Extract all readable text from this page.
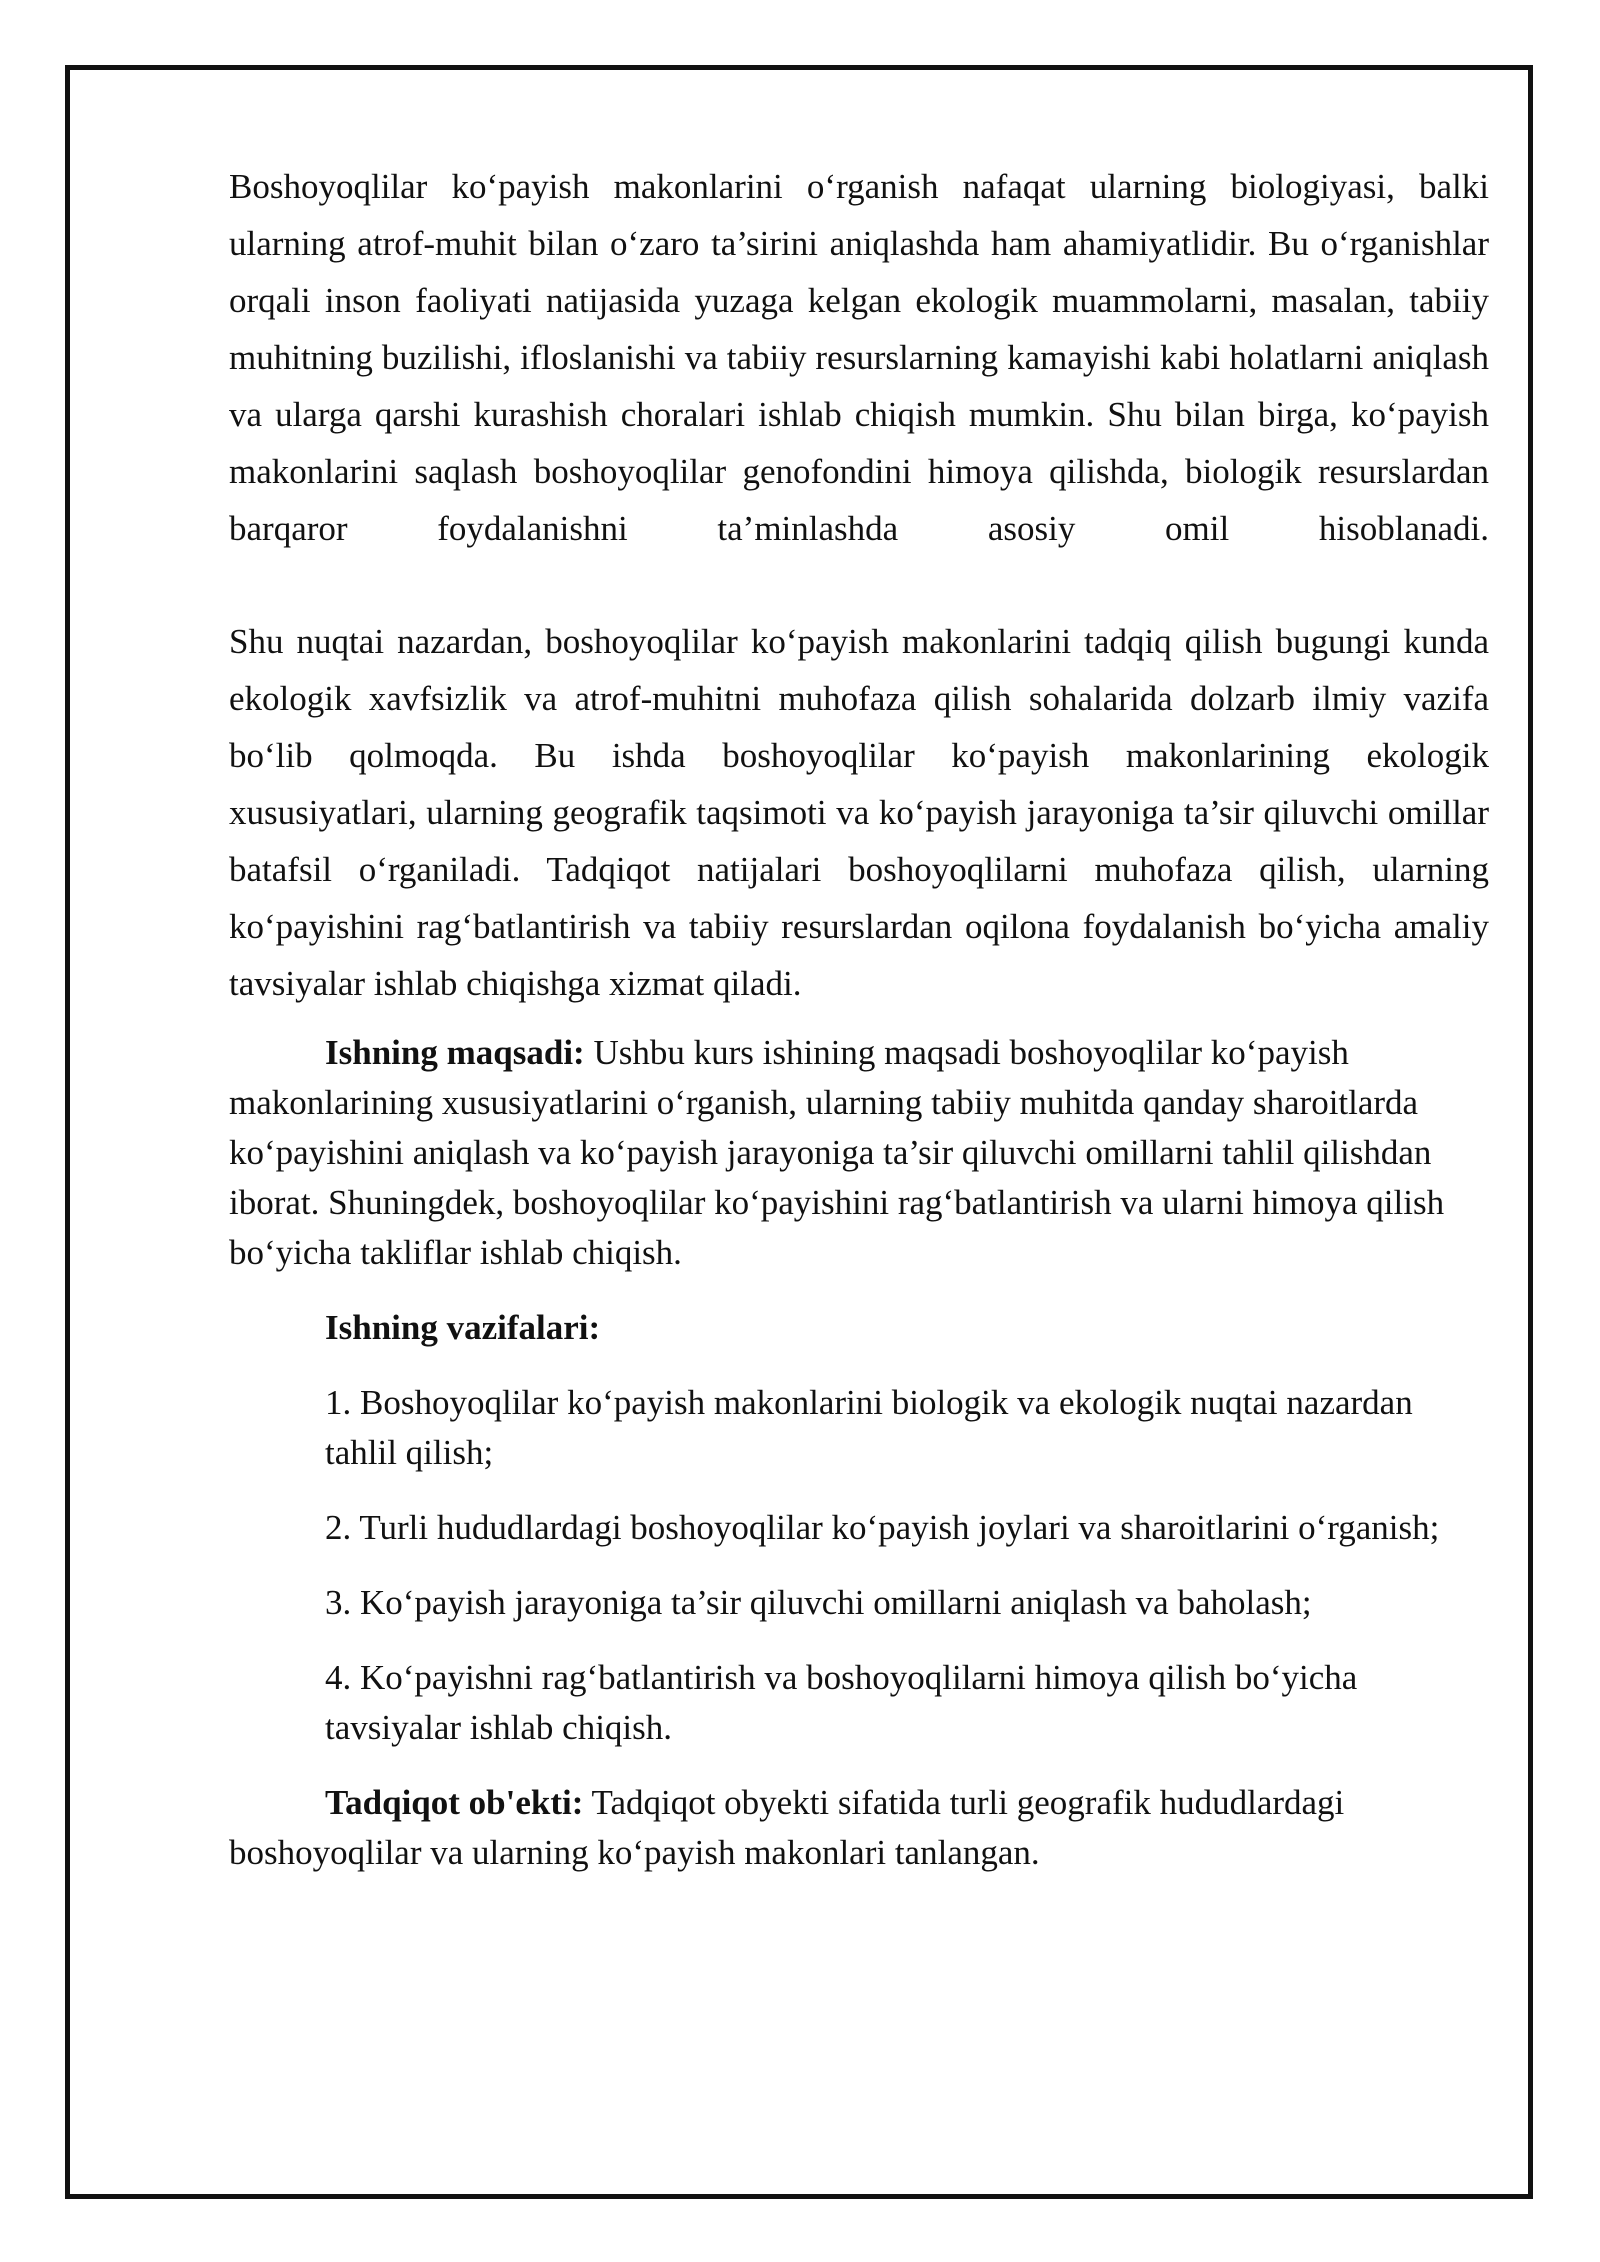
Boshoyoqlilar ko‘payish makonlarini o‘rganish nafaqat ularning biologiyasi, balki ularning atrof-muhit bilan o‘zaro ta’sirini aniqlashda ham ahamiyatlidir. Bu o‘rganishlar orqali inson faoliyati natijasida yuzaga kelgan ekologik muammolarni, masalan, tabiiy muhitning buzilishi, ifloslanishi va tabiiy resurslarning kamayishi kabi holatlarni aniqlash va ularga qarshi kurashish choralari ishlab chiqish mumkin. Shu bilan birga, ko‘payish makonlarini saqlash boshoyoqlilar genofondini himoya qilishda, biologik resurslardan barqaror foydalanishni ta’minlashda asosiy omil hisoblanadi.

Shu nuqtai nazardan, boshoyoqlilar ko‘payish makonlarini tadqiq qilish bugungi kunda ekologik xavfsizlik va atrof-muhitni muhofaza qilish sohalarida dolzarb ilmiy vazifa bo‘lib qolmoqda. Bu ishda boshoyoqlilar ko‘payish makonlarining ekologik xususiyatlari, ularning geografik taqsimoti va ko‘payish jarayoniga ta’sir qiluvchi omillar batafsil o‘rganiladi. Tadqiqot natijalari boshoyoqlilarni muhofaza qilish, ularning ko‘payishini rag‘batlantirish va tabiiy resurslardan oqilona foydalanish bo‘yicha amaliy tavsiyalar ishlab chiqishga xizmat qiladi.

Ishning maqsadi: Ushbu kurs ishining maqsadi boshoyoqlilar ko‘payish makonlarining xususiyatlarini o‘rganish, ularning tabiiy muhitda qanday sharoitlarda ko‘payishini aniqlash va ko‘payish jarayoniga ta’sir qiluvchi omillarni tahlil qilishdan iborat. Shuningdek, boshoyoqlilar ko‘payishini rag‘batlantirish va ularni himoya qilish bo‘yicha takliflar ishlab chiqish.

Ishning vazifalari:

1. Boshoyoqlilar ko‘payish makonlarini biologik va ekologik nuqtai nazardan tahlil qilish;

2. Turli hududlardagi boshoyoqlilar ko‘payish joylari va sharoitlarini o‘rganish;

3. Ko‘payish jarayoniga ta’sir qiluvchi omillarni aniqlash va baholash;

4. Ko‘payishni rag‘batlantirish va boshoyoqlilarni himoya qilish bo‘yicha tavsiyalar ishlab chiqish.

Tadqiqot ob'ekti: Tadqiqot obyekti sifatida turli geografik hududlardagi boshoyoqlilar va ularning ko‘payish makonlari tanlangan.
